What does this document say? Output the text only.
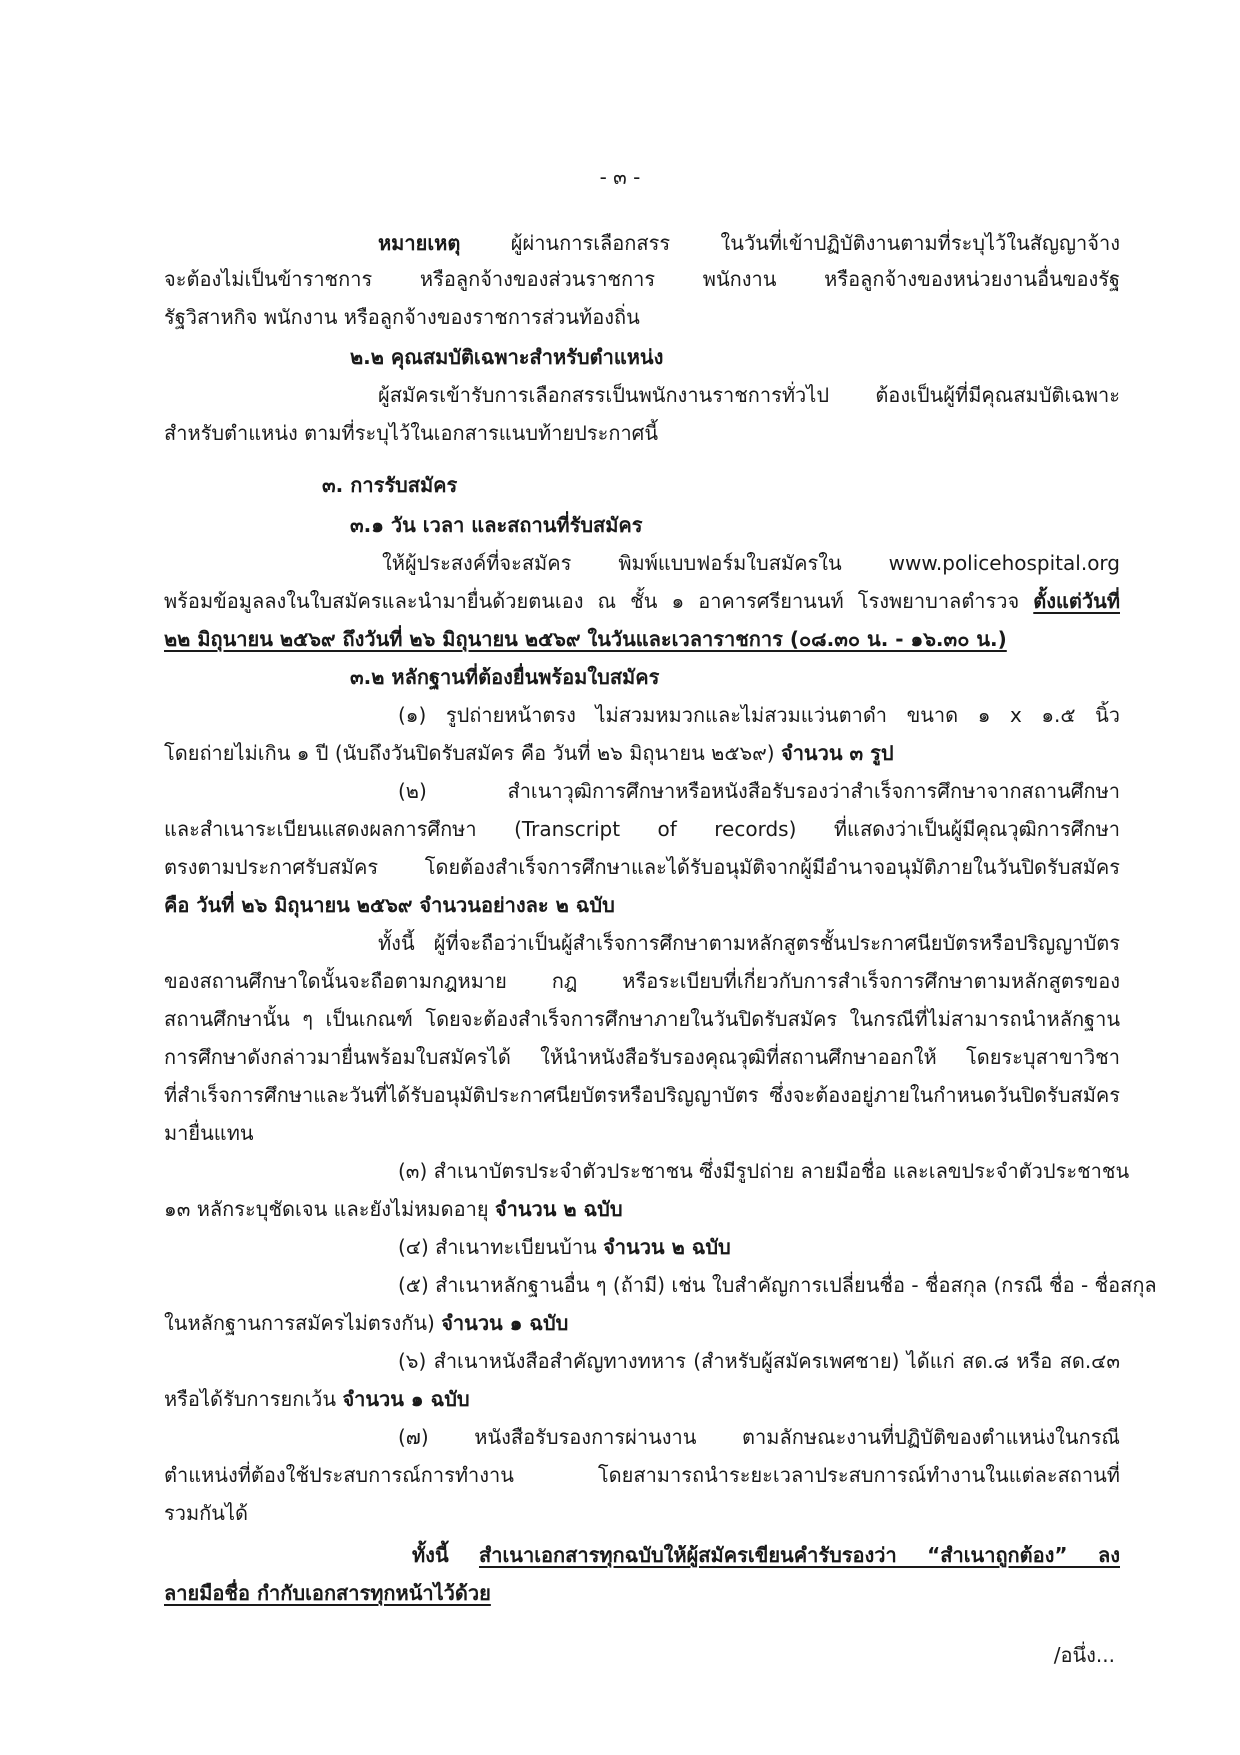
- ๓ -
หมายเหตุ	ผู้ผ่านการเลือกสรร ในวันที่เข้าปฏิบัติงานตามที่ระบุไว้ในสัญญาจ้าง
จะต้องไม่เป็นข้าราชการ หรือลูกจ้างของส่วนราชการ พนักงาน หรือลูกจ้างของหน่วยงานอื่นของรัฐ
รัฐวิสาหกิจ พนักงาน หรือลูกจ้างของราชการส่วนท้องถิ่น
๒.๒ คุณสมบัติเฉพาะสำหรับตำแหน่ง
ผู้สมัครเข้ารับการเลือกสรรเป็นพนักงานราชการทั่วไป ต้องเป็นผู้ที่มีคุณสมบัติเฉพาะ
สำหรับตำแหน่ง ตามที่ระบุไว้ในเอกสารแนบท้ายประกาศนี้
๓. การรับสมัคร
๓.๑ วัน เวลา และสถานที่รับสมัคร
ให้ผู้ประสงค์ที่จะสมัคร พิมพ์แบบฟอร์มใบสมัครใน www.policehospital.org
พร้อมข้อมูลลงในใบสมัครและนำมายื่นด้วยตนเอง ณ ชั้น ๑ อาคารศรียานนท์ โรงพยาบาลตำรวจ ตั้งแต่วันที่
๒๒ มิถุนายน ๒๕๖๙ ถึงวันที่ ๒๖ มิถุนายน ๒๕๖๙ ในวันและเวลาราชการ (๐๘.๓๐ น. - ๑๖.๓๐ น.)
๓.๒ หลักฐานที่ต้องยื่นพร้อมใบสมัคร
(๑) รูปถ่ายหน้าตรง ไม่สวมหมวกและไม่สวมแว่นตาดำ ขนาด ๑ x ๑.๕ นิ้ว
โดยถ่ายไม่เกิน ๑ ปี (นับถึงวันปิดรับสมัคร คือ วันที่ ๒๖ มิถุนายน ๒๕๖๙) จำนวน ๓ รูป
(๒) สำเนาวุฒิการศึกษาหรือหนังสือรับรองว่าสำเร็จการศึกษาจากสถานศึกษา
และสำเนาระเบียนแสดงผลการศึกษา (Transcript of records) ที่แสดงว่าเป็นผู้มีคุณวุฒิการศึกษา
ตรงตามประกาศรับสมัคร โดยต้องสำเร็จการศึกษาและได้รับอนุมัติจากผู้มีอำนาจอนุมัติภายในวันปิดรับสมัคร
คือ วันที่ ๒๖ มิถุนายน ๒๕๖๙ จำนวนอย่างละ ๒ ฉบับ
ทั้งนี้ ผู้ที่จะถือว่าเป็นผู้สำเร็จการศึกษาตามหลักสูตรชั้นประกาศนียบัตรหรือปริญญาบัตร
ของสถานศึกษาใดนั้นจะถือตามกฎหมาย กฎ หรือระเบียบที่เกี่ยวกับการสำเร็จการศึกษาตามหลักสูตรของ
สถานศึกษานั้น ๆ เป็นเกณฑ์ โดยจะต้องสำเร็จการศึกษาภายในวันปิดรับสมัคร ในกรณีที่ไม่สามารถนำหลักฐาน
การศึกษาดังกล่าวมายื่นพร้อมใบสมัครได้ ให้นำหนังสือรับรองคุณวุฒิที่สถานศึกษาออกให้ โดยระบุสาขาวิชา
ที่สำเร็จการศึกษาและวันที่ได้รับอนุมัติประกาศนียบัตรหรือปริญญาบัตร ซึ่งจะต้องอยู่ภายในกำหนดวันปิดรับสมัคร
มายื่นแทน
(๓) สำเนาบัตรประจำตัวประชาชน ซึ่งมีรูปถ่าย ลายมือชื่อ และเลขประจำตัวประชาชน
๑๓ หลักระบุชัดเจน และยังไม่หมดอายุ จำนวน ๒ ฉบับ
(๔) สำเนาทะเบียนบ้าน จำนวน ๒ ฉบับ
(๕) สำเนาหลักฐานอื่น ๆ (ถ้ามี) เช่น ใบสำคัญการเปลี่ยนชื่อ - ชื่อสกุล (กรณี ชื่อ - ชื่อสกุล
ในหลักฐานการสมัครไม่ตรงกัน) จำนวน ๑ ฉบับ
(๖) สำเนาหนังสือสำคัญทางทหาร (สำหรับผู้สมัครเพศชาย) ได้แก่ สด.๘ หรือ สด.๔๓
หรือได้รับการยกเว้น จำนวน ๑ ฉบับ
(๗) หนังสือรับรองการผ่านงาน ตามลักษณะงานที่ปฏิบัติของตำแหน่งในกรณี
ตำแหน่งที่ต้องใช้ประสบการณ์การทำงาน โดยสามารถนำระยะเวลาประสบการณ์ทำงานในแต่ละสถานที่
รวมกันได้
ทั้งนี้ สำเนาเอกสารทุกฉบับให้ผู้สมัครเขียนคำรับรองว่า “สำเนาถูกต้อง” ลง
ลายมือชื่อ กำกับเอกสารทุกหน้าไว้ด้วย
/อนึ่ง...
